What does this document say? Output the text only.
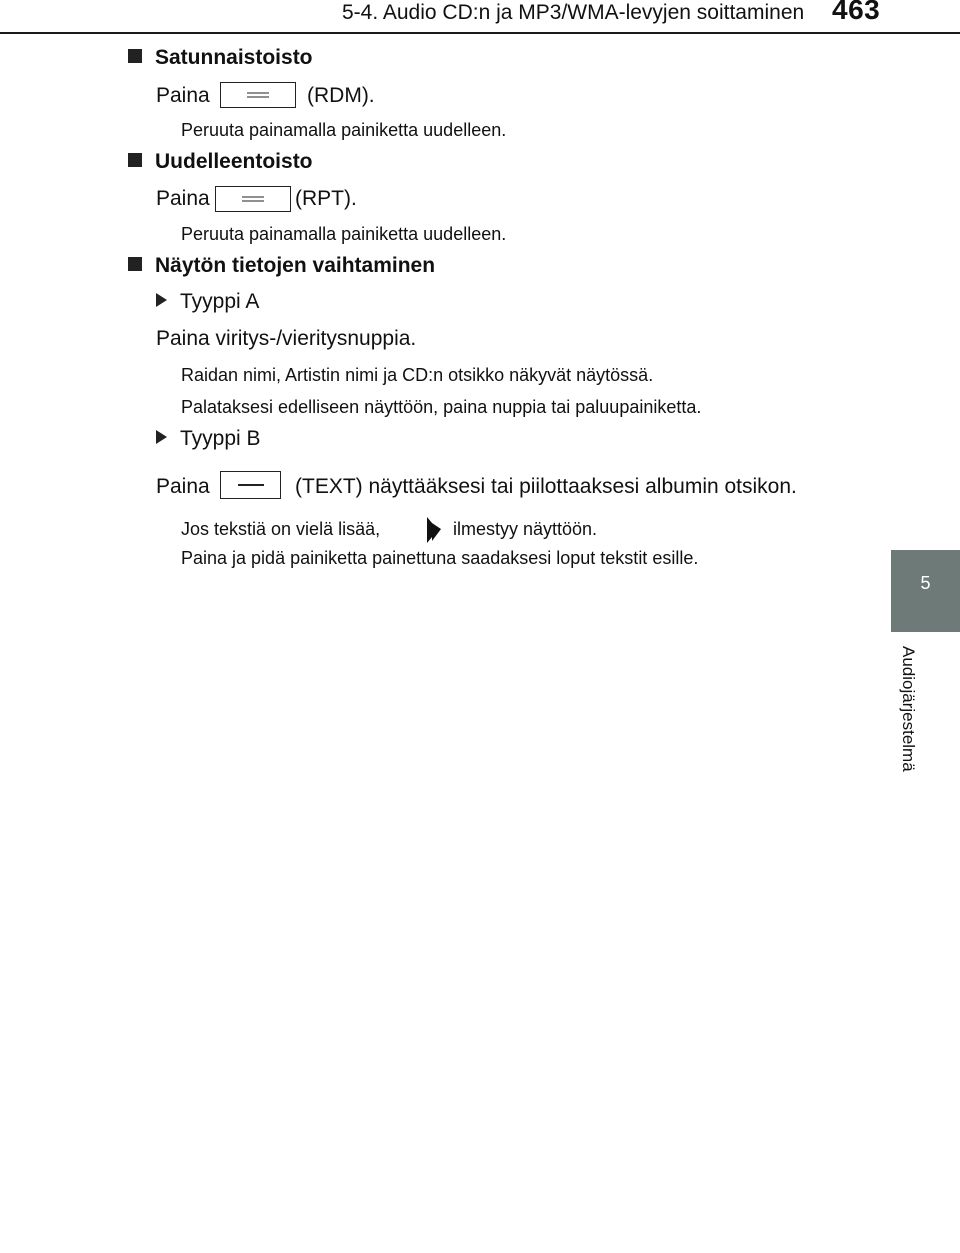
5-4. Audio CD:n ja MP3/WMA-levyjen soittaminen 463
5
Audiojärjestelmä
Satunnaistoisto
Paina	(RDM).
Peruuta painamalla painiketta uudelleen.
Uudelleentoisto
Paina	(RPT).
Peruuta painamalla painiketta uudelleen.
Näytön tietojen vaihtaminen
Tyyppi A
Paina viritys-/vieritysnuppia.
Raidan nimi, Artistin nimi ja CD:n otsikko näkyvät näytössä.
Palataksesi edelliseen näyttöön, paina nuppia tai paluupainiketta.
Tyyppi B
Paina	(TEXT) näyttääksesi tai piilottaaksesi albumin otsikon.
Jos tekstiä on vielä lisää,	ilmestyy näyttöön.
Paina ja pidä painiketta painettuna saadaksesi loput tekstit esille.
